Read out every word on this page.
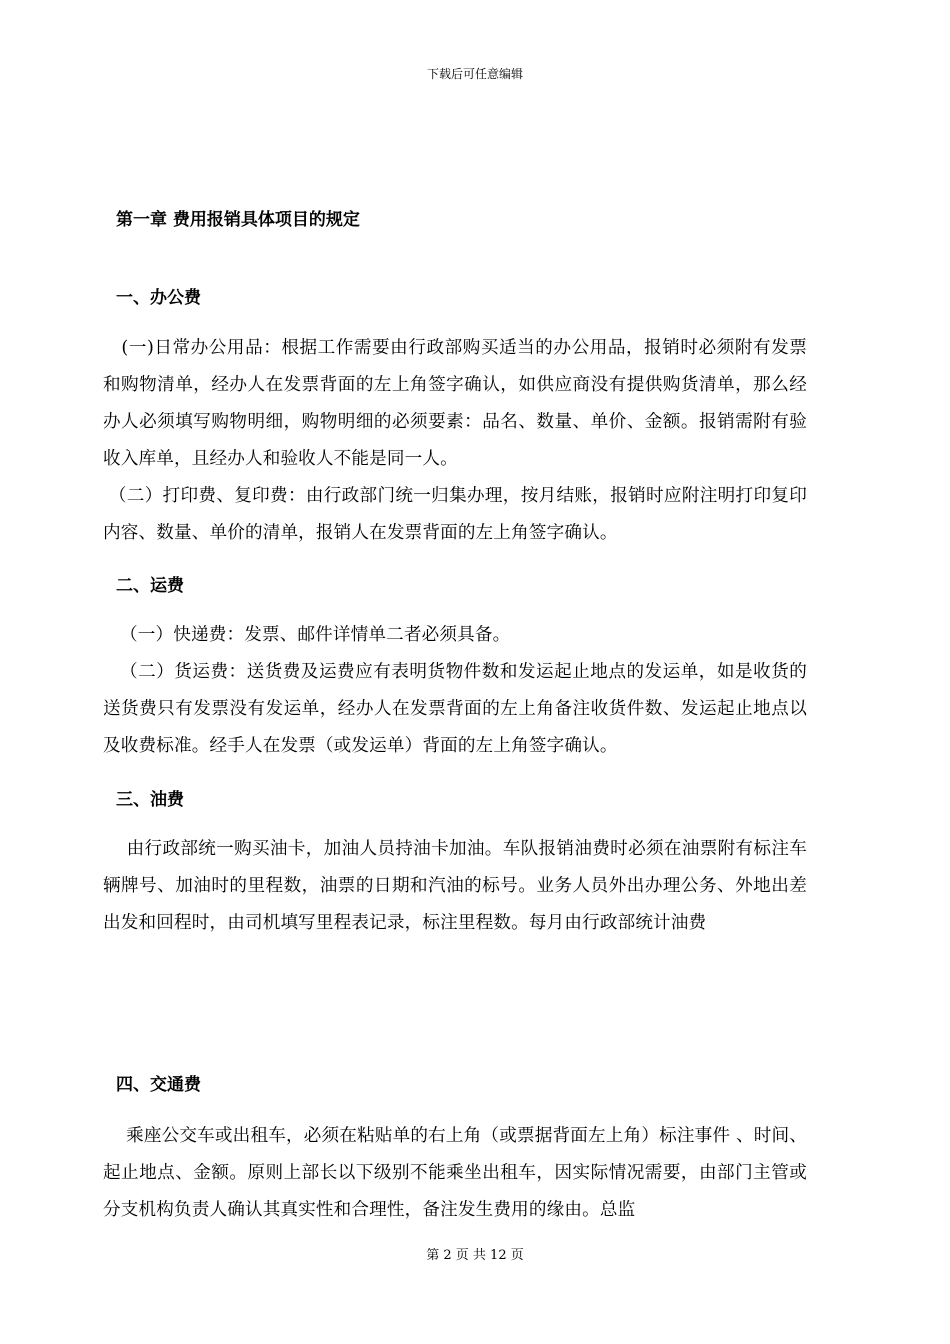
下载后可任意编辑
第一章 费用报销具体项目的规定
一、办公费
(一)日常办公用品：根据工作需要由行政部购买适当的办公用品，报销时必须附有发票和购物清单，经办人在发票背面的左上角签字确认，如供应商没有提供购货清单，那么经办人必须填写购物明细，购物明细的必须要素：品名、数量、单价、金额。报销需附有验收入库单，且经办人和验收人不能是同一人。
（二）打印费、复印费：由行政部门统一归集办理，按月结账，报销时应附注明打印复印内容、数量、单价的清单，报销人在发票背面的左上角签字确认。
二、运费
（一）快递费：发票、邮件详情单二者必须具备。
（二）货运费：送货费及运费应有表明货物件数和发运起止地点的发运单，如是收货的送货费只有发票没有发运单，经办人在发票背面的左上角备注收货件数、发运起止地点以及收费标准。经手人在发票（或发运单）背面的左上角签字确认。
三、油费
由行政部统一购买油卡，加油人员持油卡加油。车队报销油费时必须在油票附有标注车辆牌号、加油时的里程数，油票的日期和汽油的标号。业务人员外出办理公务、外地出差出发和回程时，由司机填写里程表记录，标注里程数。每月由行政部统计油费
四、交通费
乘座公交车或出租车，必须在粘贴单的右上角（或票据背面左上角）标注事件 、时间、起止地点、金额。原则上部长以下级别不能乘坐出租车，因实际情况需要，由部门主管或分支机构负责人确认其真实性和合理性，备注发生费用的缘由。总监
第 2 页 共 12 页
